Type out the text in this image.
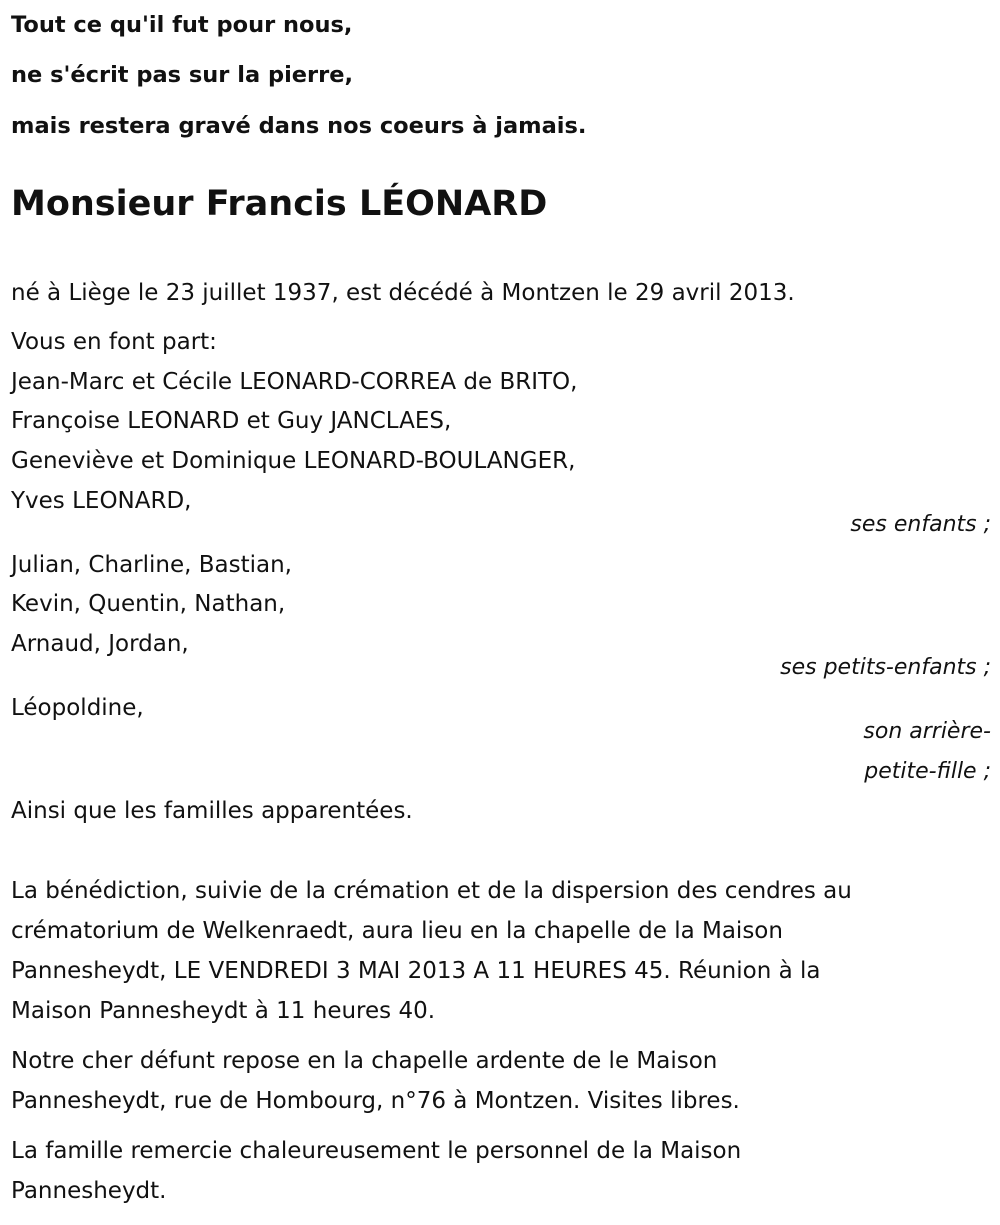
Tout ce qu'il fut pour nous,
ne s'écrit pas sur la pierre,
mais restera gravé dans nos coeurs à jamais.
Monsieur Francis LÉONARD
né à Liège le 23 juillet 1937, est décédé à Montzen le 29 avril 2013.
Vous en font part:
Jean-Marc et Cécile LEONARD-CORREA de BRITO,
Françoise LEONARD et Guy JANCLAES,
Geneviève et Dominique LEONARD-BOULANGER,
Yves LEONARD,
ses enfants ;
Julian, Charline, Bastian,
Kevin, Quentin, Nathan,
Arnaud, Jordan,
ses petits-enfants ;
Léopoldine,
son arrière-
petite-fille ;
Ainsi que les familles apparentées.
La bénédiction, suivie de la crémation et de la dispersion des cendres au
crématorium de Welkenraedt, aura lieu en la chapelle de la Maison
Pannesheydt, LE VENDREDI 3 MAI 2013 A 11 HEURES 45. Réunion à la
Maison Pannesheydt à 11 heures 40.
Notre cher défunt repose en la chapelle ardente de le Maison
Pannesheydt, rue de Hombourg, n°76 à Montzen. Visites libres.
La famille remercie chaleureusement le personnel de la Maison
Pannesheydt.
